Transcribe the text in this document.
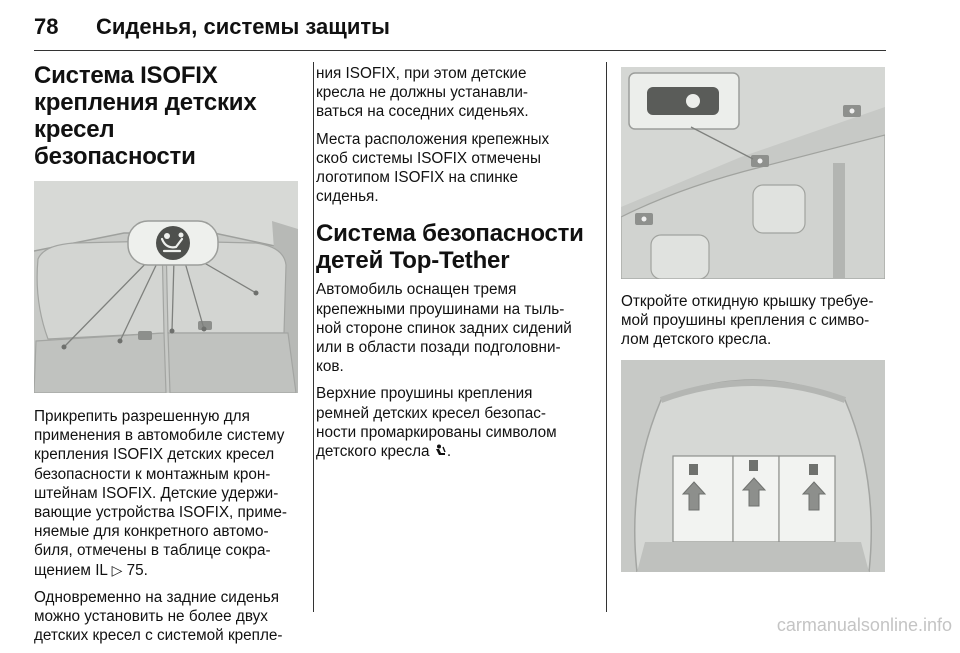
78 Сиденья, системы защиты
Система ISOFIX
крепления детских кресел
безопасности

Прикрепить разрешенную для
применения в автомобиле систему
крепления ISOFIX детских кресел
безопасности к монтажным крон-
штейнам ISOFIX. Детские удержи-
вающие устройства ISOFIX, приме-
няемые для конкретного автомо-
биля, отмечены в таблице сокра-
щением IL ▷ 75.

Одновременно на задние сиденья
можно установить не более двух
детских кресел с системой крепле-

ния ISOFIX, при этом детские
кресла не должны устанавли-
ваться на соседних сиденьях.

Места расположения крепежных
скоб системы ISOFIX отмечены
логотипом ISOFIX на спинке
сиденья.

Система безопасности
детей Top-Tether

Автомобиль оснащен тремя
крепежными проушинами на тыль-
ной стороне спинок задних сидений
или в области позади подголовни-
ков.

Верхние проушины крепления
ремней детских кресел безопас-
ности промаркированы символом
детского кресла .

Откройте откидную крышку требуе-
мой проушины крепления с симво-
лом детского кресла.

carmanualsonline.info
